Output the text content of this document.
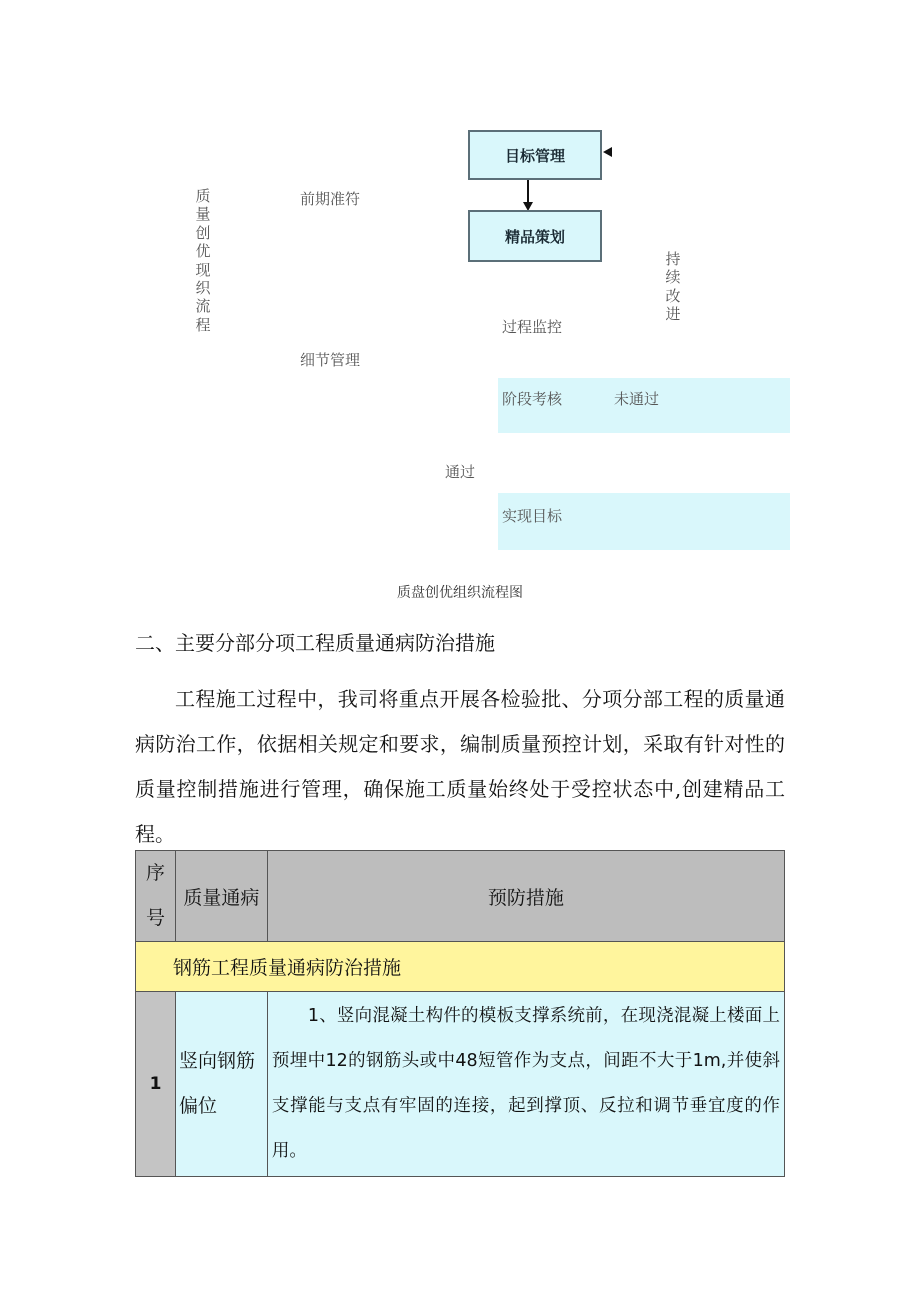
质量创优现织流程
前期准符
目标管理
精品策划
持续改进
过程监控
细节管理
阶段考核	未通过
通过
实现目标
质盘创优组织流程图
二、主要分部分项工程质量通病防治措施
工程施工过程中，我司将重点开展各检验批、分项分部工程的质量通病防治工作，依据相关规定和要求，编制质量预控计划，采取有针对性的质量控制措施进行管理，确保施工质量始终处于受控状态中,创建精品工程。
序号	质量通病	预防措施
钢筋工程质量通病防治措施		
1	竖向钢筋偏位	1、竖向混凝土构件的模板支撑系统前，在现浇混凝上楼面上预埋中12的钢筋头或中48短管作为支点，间距不大于1m,并使斜支撑能与支点有牢固的连接，起到撑顶、反拉和调节垂宜度的作用。
